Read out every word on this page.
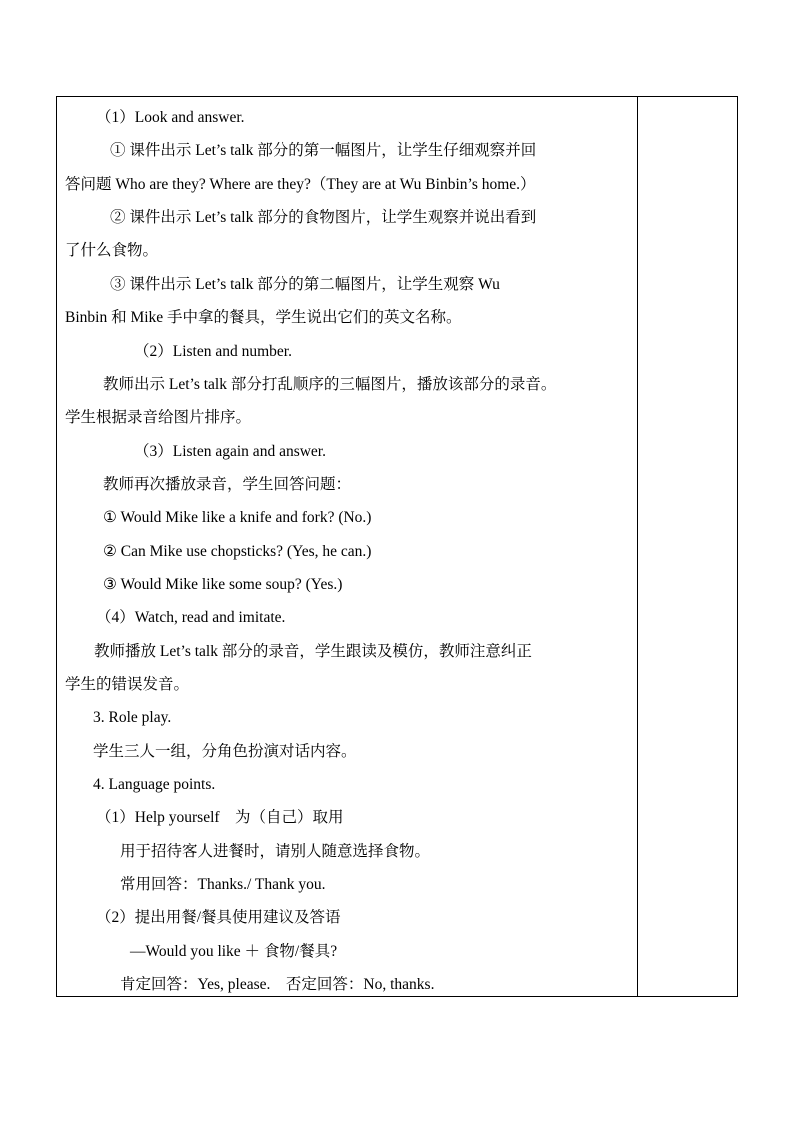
（1）Look and answer.
① 课件出示 Let’s talk 部分的第一幅图片，让学生仔细观察并回
答问题 Who are they? Where are they?（They are at Wu Binbin’s home.）
② 课件出示 Let’s talk 部分的食物图片，让学生观察并说出看到
了什么食物。
③ 课件出示 Let’s talk 部分的第二幅图片，让学生观察 Wu
Binbin 和 Mike 手中拿的餐具，学生说出它们的英文名称。
（2）Listen and number.
教师出示 Let’s talk 部分打乱顺序的三幅图片，播放该部分的录音。
学生根据录音给图片排序。
（3）Listen again and answer.
教师再次播放录音，学生回答问题：
① Would Mike like a knife and fork? (No.)
② Can Mike use chopsticks? (Yes, he can.)
③ Would Mike like some soup? (Yes.)
（4）Watch, read and imitate.
教师播放 Let’s talk 部分的录音，学生跟读及模仿，教师注意纠正
学生的错误发音。
3. Role play.
学生三人一组，分角色扮演对话内容。
4. Language points.
（1）Help yourself　为（自己）取用
用于招待客人进餐时，请别人随意选择食物。
常用回答：Thanks./ Thank you.
（2）提出用餐/餐具使用建议及答语
—Would you like ＋ 食物/餐具?
肯定回答：Yes, please.　否定回答：No, thanks.
